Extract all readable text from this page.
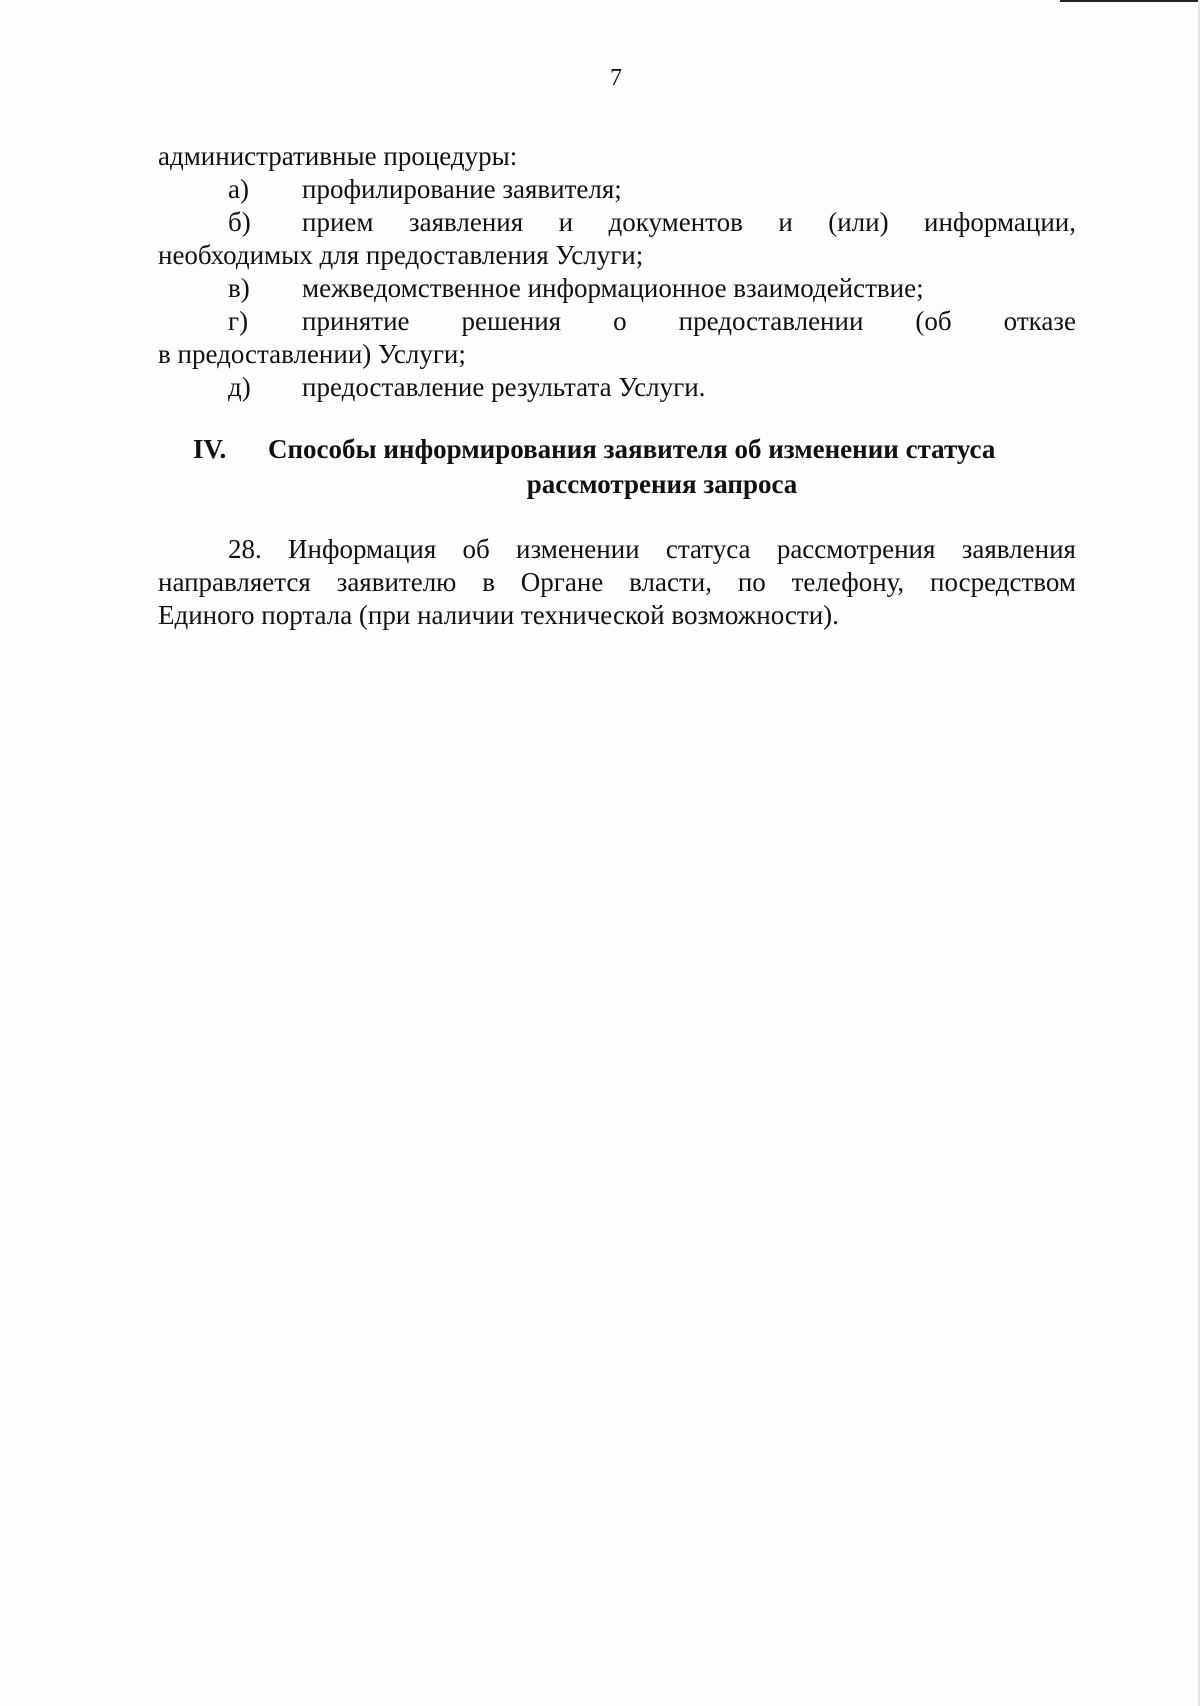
7
административные процедуры:
а)	профилирование заявителя;
б)	прием заявления и документов и (или) информации,
необходимых для предоставления Услуги;
в)	межведомственное информационное взаимодействие;
г)	принятие решения о предоставлении (об отказе
в предоставлении) Услуги;
д)	предоставление результата Услуги.
IV.	Способы информирования заявителя об изменении статуса
рассмотрения запроса
28. Информация об изменении статуса рассмотрения заявления
направляется заявителю в Органе власти, по телефону, посредством
Единого портала (при наличии технической возможности).
